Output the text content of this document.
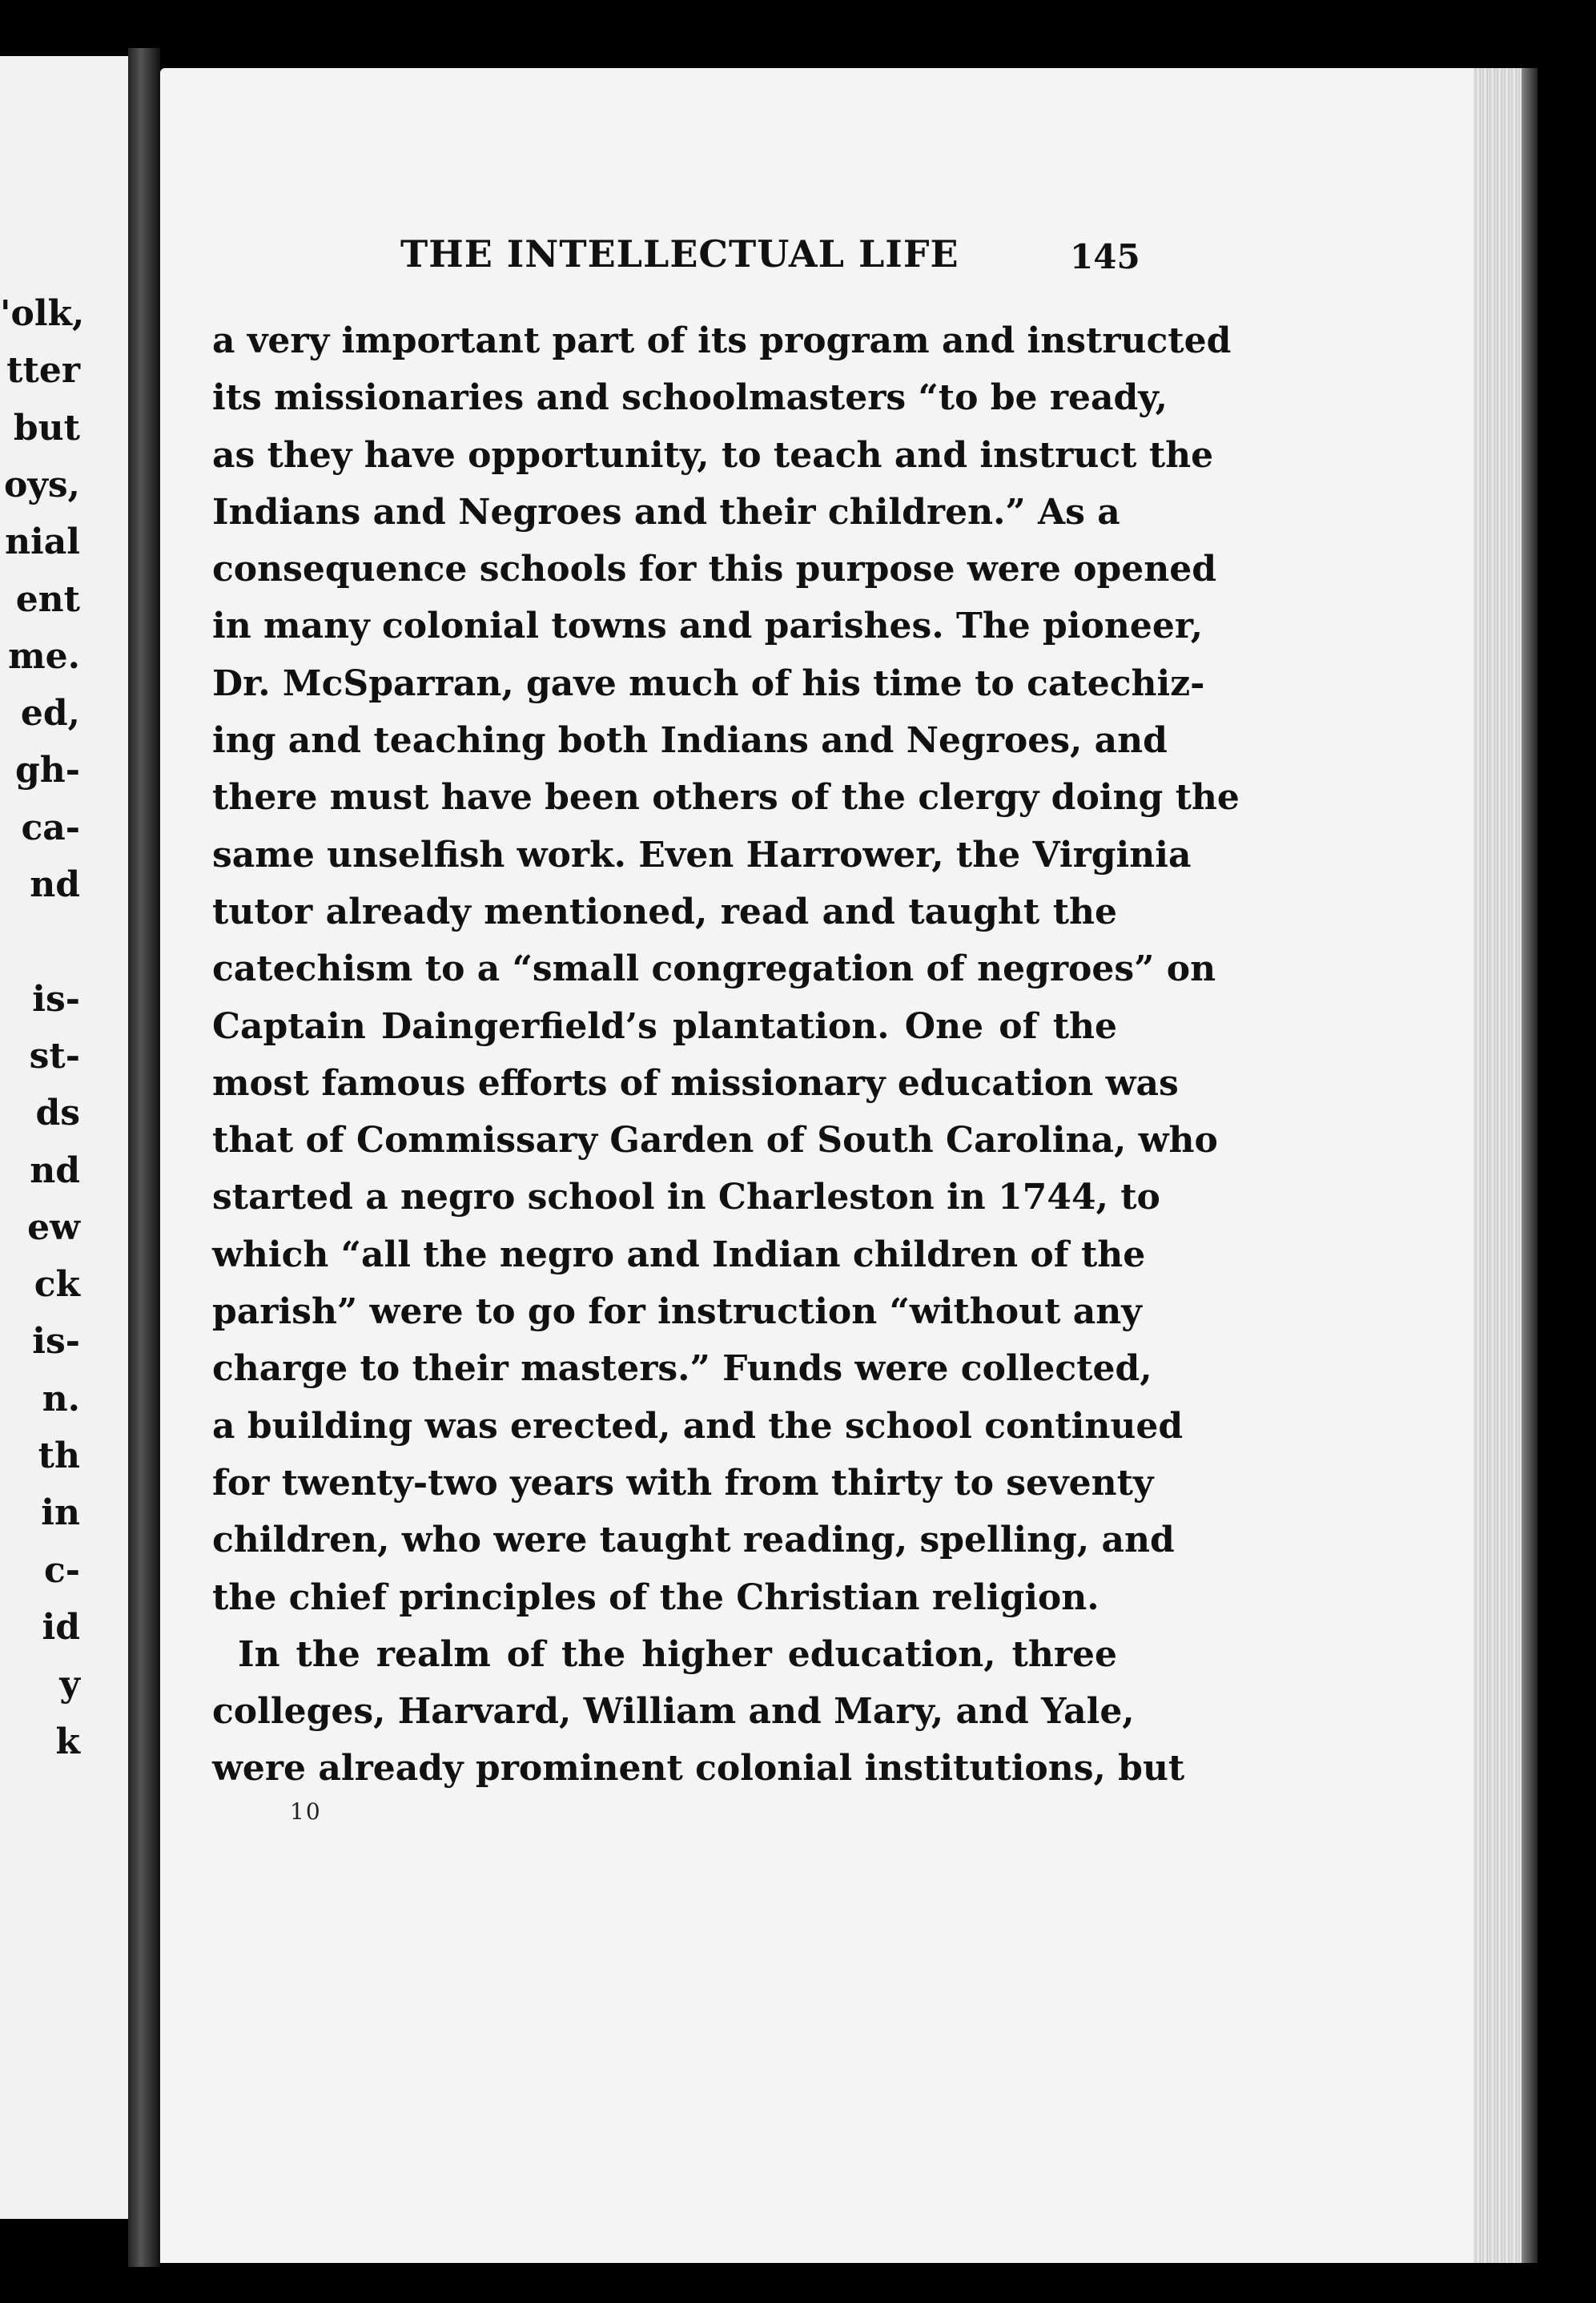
'olk,
tter
but
oys,
nial
ent
me.
ed,
gh-
ca-
nd
is-
st-
ds
nd
ew
ck
is-
n.
th
in
c-
id
y
k
THE INTELLECTUAL LIFE	145
a very important part of its program and instructed
its missionaries and schoolmasters “to be ready,
as they have opportunity, to teach and instruct the
Indians and Negroes and their children.” As a
consequence schools for this purpose were opened
in many colonial towns and parishes. The pioneer,
Dr. McSparran, gave much of his time to catechiz-
ing and teaching both Indians and Negroes, and
there must have been others of the clergy doing the
same unselfish work. Even Harrower, the Virginia
tutor already mentioned, read and taught the
catechism to a “small congregation of negroes” on
Captain Daingerfield’s plantation. One of the
most famous efforts of missionary education was
that of Commissary Garden of South Carolina, who
started a negro school in Charleston in 1744, to
which “all the negro and Indian children of the
parish” were to go for instruction “without any
charge to their masters.” Funds were collected,
a building was erected, and the school continued
for twenty-two years with from thirty to seventy
children, who were taught reading, spelling, and
the chief principles of the Christian religion.
In the realm of the higher education, three
colleges, Harvard, William and Mary, and Yale,
were already prominent colonial institutions, but
10
